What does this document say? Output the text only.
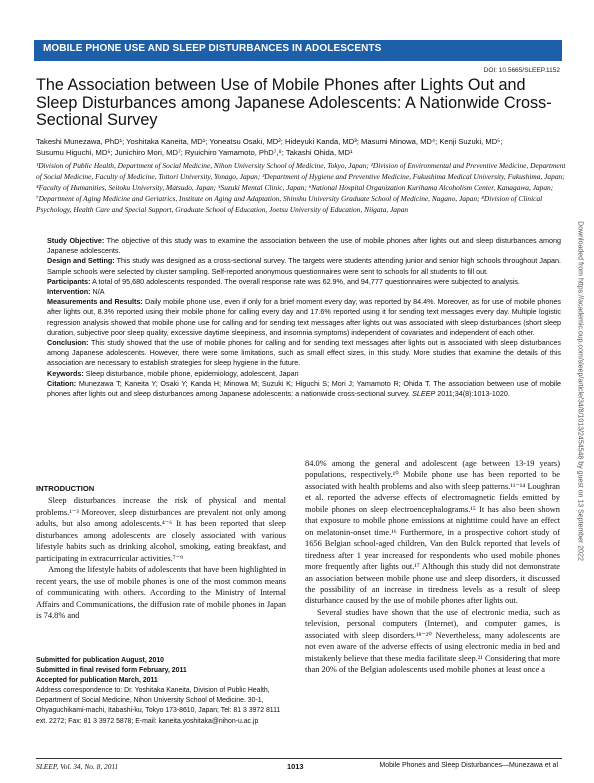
MOBILE PHONE USE AND SLEEP DISTURBANCES IN ADOLESCENTS
DOI: 10.5665/SLEEP.1152
The Association between Use of Mobile Phones after Lights Out and Sleep Disturbances among Japanese Adolescents: A Nationwide Cross-Sectional Survey
Takeshi Munezawa, PhD¹; Yoshitaka Kaneita, MD¹; Yoneatsu Osaki, MD²; Hideyuki Kanda, MD³; Masumi Minowa, MD⁴; Kenji Suzuki, MD⁵;
Susumu Higuchi, MD⁶; Junichiro Mori, MD⁷; Ryuichiro Yamamoto, PhD⁷,⁸; Takashi Ohida, MD¹
¹Division of Public Health, Department of Social Medicine, Nihon University School of Medicine, Tokyo, Japan; ²Division of Environmental and Preventive Medicine, Department of Social Medicine, Faculty of Medicine, Tottori University, Yonago, Japan; ³Department of Hygiene and Preventive Medicine, Fukushima Medical University, Fukushima, Japan; ⁴Faculty of Humanities, Seitoku University, Matsudo, Japan; ⁵Suzuki Mental Clinic, Japan; ⁶National Hospital Organization Kurihama Alcoholism Center, Kanagawa, Japan; ⁷Department of Aging Medicine and Geriatrics, Institute on Aging and Adaptation, Shinshu University Graduate School of Medicine, Nagano, Japan; ⁸Division of Clinical Psychology, Health Care and Special Support, Graduate School of Education, Joetsu University of Education, Niigata, Japan

Study Objective: The objective of this study was to examine the association between the use of mobile phones after lights out and sleep disturbances among Japanese adolescents.

Design and Setting: This study was designed as a cross-sectional survey. The targets were students attending junior and senior high schools throughout Japan. Sample schools were selected by cluster sampling. Self-reported anonymous questionnaires were sent to schools for all students to fill out.

Participants: A total of 95,680 adolescents responded. The overall response rate was 62.9%, and 94,777 questionnaires were subjected to analysis.

Intervention: N/A

Measurements and Results: Daily mobile phone use, even if only for a brief moment every day, was reported by 84.4%. Moreover, as for use of mobile phones after lights out, 8.3% reported using their mobile phone for calling every day and 17.6% reported using it for sending text messages every day. Multiple logistic regression analysis showed that mobile phone use for calling and for sending text messages after lights out was associated with sleep disturbances (short sleep duration, subjective poor sleep quality, excessive daytime sleepiness, and insomnia symptoms) independent of covariates and independent of each other.

Conclusion: This study showed that the use of mobile phones for calling and for sending text messages after lights out is associated with sleep disturbances among Japanese adolescents. However, there were some limitations, such as small effect sizes, in this study. More studies that examine the details of this association are necessary to establish strategies for sleep hygiene in the future.

Keywords: Sleep disturbance, mobile phone, epidemiology, adolescent, Japan

Citation: Munezawa T; Kaneita Y; Osaki Y; Kanda H; Minowa M; Suzuki K; Higuchi S; Mori J; Yamamoto R; Ohida T. The association between use of mobile phones after lights out and sleep disturbances among Japanese adolescents: a nationwide cross-sectional survey. SLEEP 2011;34(8):1013-1020.

INTRODUCTION

Sleep disturbances increase the risk of physical and mental problems.¹⁻³ Moreover, sleep disturbances are prevalent not only among adults, but also among adolescents.⁴⁻⁶ It has been reported that sleep disturbances among adolescents are closely associated with various lifestyle habits such as drinking alcohol, smoking, eating breakfast, and participating in extracurricular activities.⁷⁻⁹

Among the lifestyle habits of adolescents that have been highlighted in recent years, the use of mobile phones is one of the most common means of communicating with others. According to the Ministry of Internal Affairs and Communications, the diffusion rate of mobile phones in Japan is 74.8% and

Submitted for publication August, 2010

Submitted in final revised form February, 2011

Accepted for publication March, 2011

Address correspondence to: Dr. Yoshitaka Kaneita, Division of Public Health, Department of Social Medicine, Nihon University School of Medicine. 30-1, Ohyaguchikami-machi, Itabashi-ku, Tokyo 173-8610, Japan; Tel: 81 3 3972 8111 ext. 2272; Fax: 81 3 3972 5878; E-mail: kaneita.yoshitaka@nihon-u.ac.jp

84.0% among the general and adolescent (age between 13-19 years) populations, respectively.¹⁰ Mobile phone use has been reported to be associated with health problems and also with sleep patterns.¹¹⁻¹⁴ Loughran et al. reported the adverse effects of electromagnetic fields emitted by mobile phones on sleep electroencephalograms.¹⁵ It has also been shown that exposure to mobile phone emissions at nighttime could have an effect on melatonin-onset time.¹⁶ Furthermore, in a prospective cohort study of 1656 Belgian school-aged children, Van den Bulck reported that levels of tiredness after 1 year increased for respondents who used mobile phones more frequently after lights out.¹⁷ Although this study did not demonstrate an association between mobile phone use and sleep disorders, it discussed the possibility of an increase in tiredness levels as a result of sleep disturbance caused by the use of mobile phones after lights out.

Several studies have shown that the use of electronic media, such as television, personal computers (Internet), and computer games, is associated with sleep disorders.¹⁸⁻²⁰ Nevertheless, many adolescents are not even aware of the adverse effects of using electronic media in bed and mistakenly believe that these media facilitate sleep.²¹ Considering that more than 20% of the Belgian adolescents used mobile phones at least once a

SLEEP, Vol. 34, No. 8, 2011	1013	Mobile Phones and Sleep Disturbances—Munezawa et al
Downloaded from https://academic.oup.com/sleep/article/34/8/1013/2454548 by guest on 13 September 2022
